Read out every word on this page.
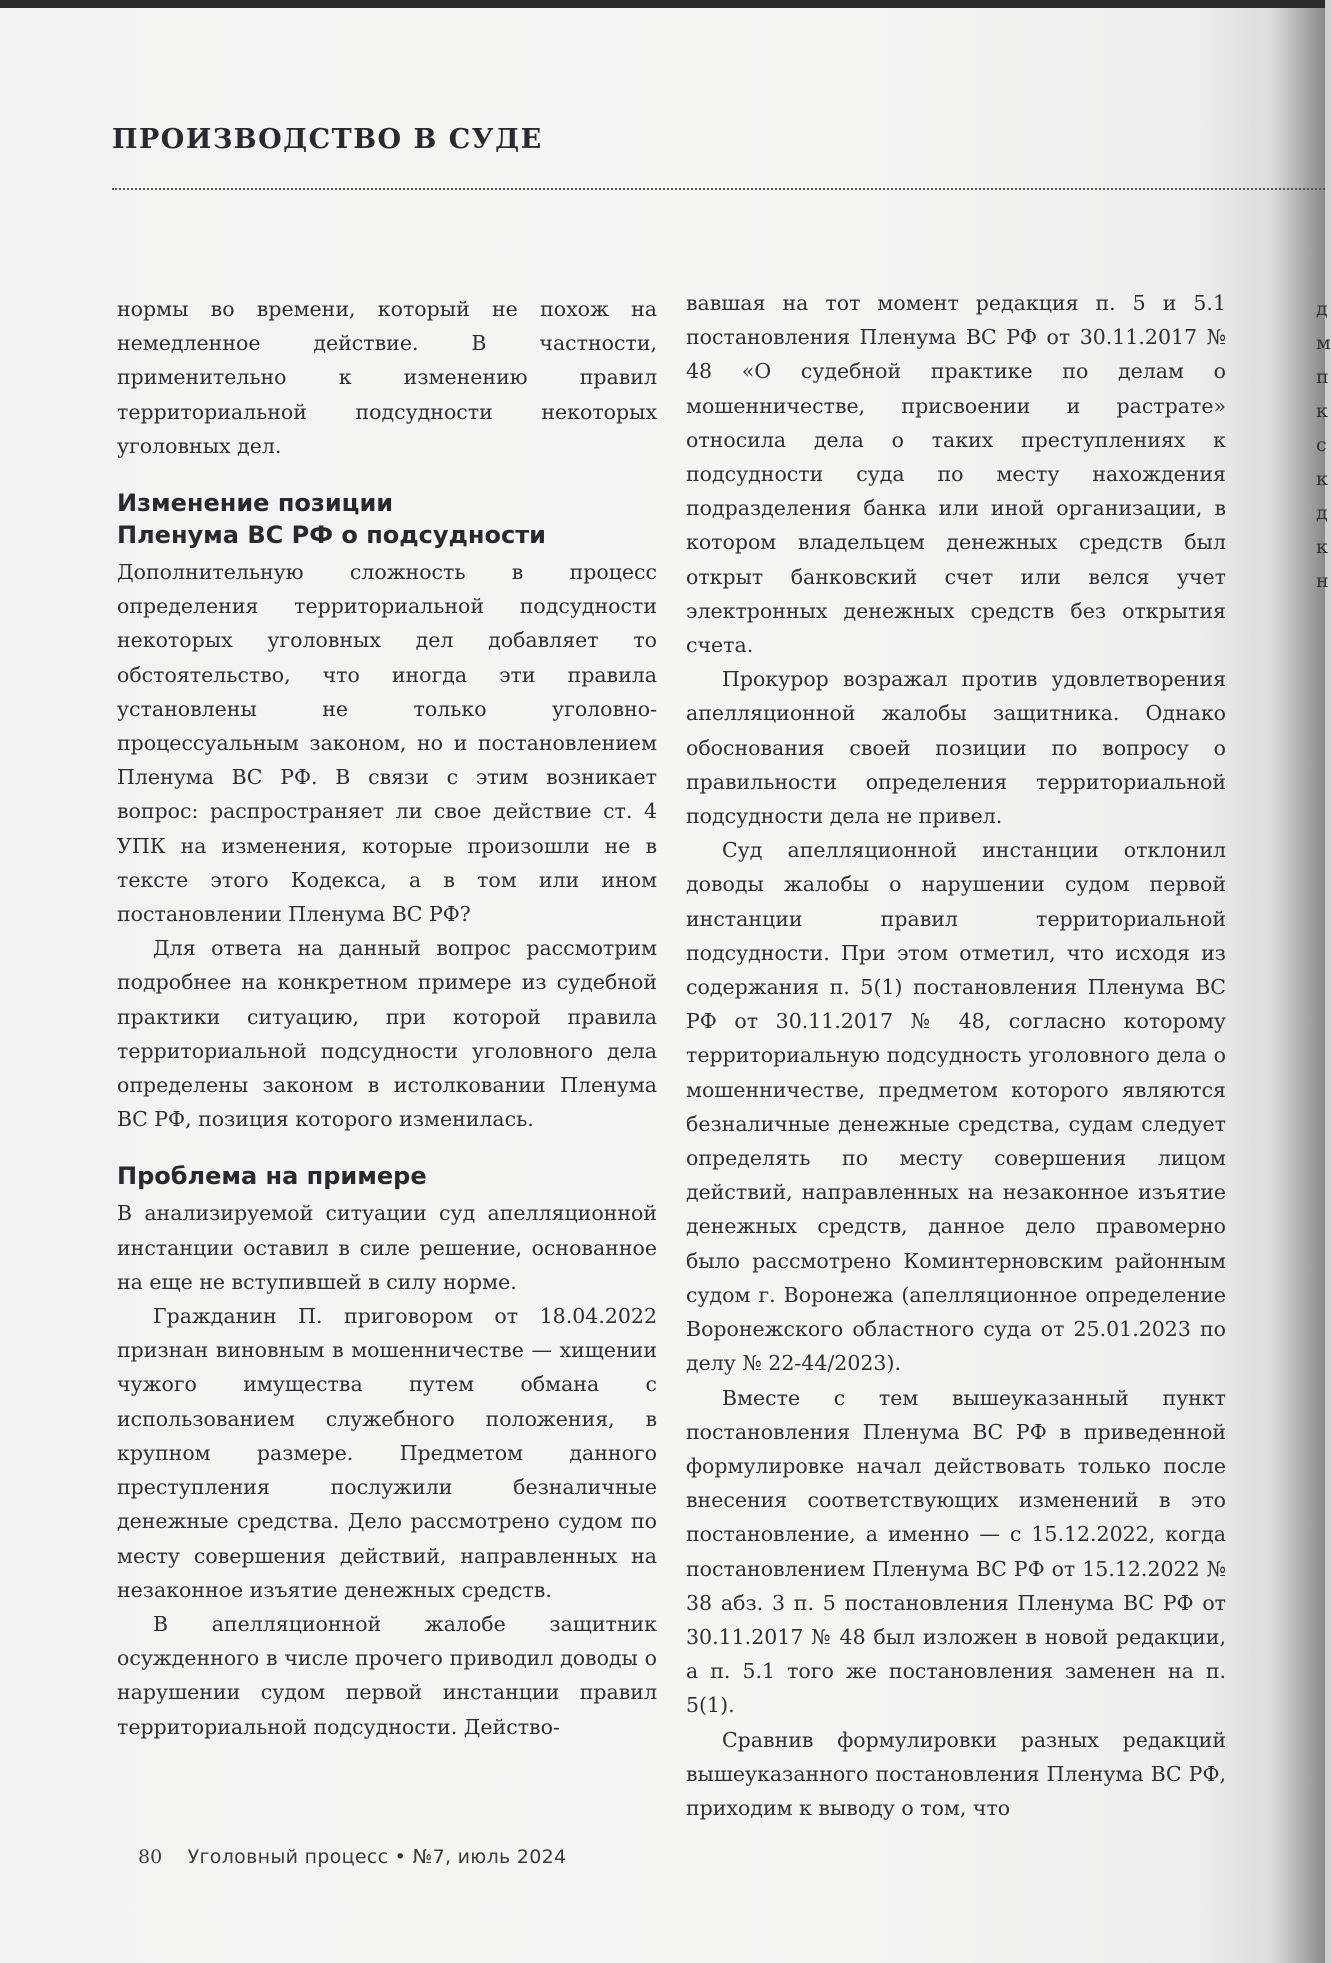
ПРОИЗВОДСТВО В СУДЕ

нормы во времени, который не похож на немедленное действие. В частности, применительно к изменению правил территориальной подсудности некоторых уголовных дел.

Изменение позиции
Пленума ВС РФ о подсудности

Дополнительную сложность в процесс определения территориальной подсудности некоторых уголовных дел добавляет то обстоятельство, что иногда эти правила установлены не только уголовно-процессуальным законом, но и постановлением Пленума ВС РФ. В связи с этим возникает вопрос: распространяет ли свое действие ст. 4 УПК на изменения, которые произошли не в тексте этого Кодекса, а в том или ином постановлении Пленума ВС РФ?

Для ответа на данный вопрос рассмотрим подробнее на конкретном примере из судебной практики ситуацию, при которой правила территориальной подсудности уголовного дела определены законом в истолковании Пленума ВС РФ, позиция которого изменилась.

Проблема на примере

В анализируемой ситуации суд апелляционной инстанции оставил в силе решение, основанное на еще не вступившей в силу норме.

Гражданин П. приговором от 18.04.2022 признан виновным в мошенничестве — хищении чужого имущества путем обмана с использованием служебного положения, в крупном размере. Предметом данного преступления послужили безналичные денежные средства. Дело рассмотрено судом по месту совершения действий, направленных на незаконное изъятие денежных средств.

В апелляционной жалобе защитник осужденного в числе прочего приводил доводы о нарушении судом первой инстанции правил территориальной подсудности. Действо-

вавшая на тот момент редакция п. 5 и 5.1 постановления Пленума ВС РФ от 30.11.2017 № 48 «О судебной практике по делам о мошенничестве, присвоении и растрате» относила дела о таких преступлениях к подсудности суда по месту нахождения подразделения банка или иной организации, в котором владельцем денежных средств был открыт банковский счет или велся учет электронных денежных средств без открытия счета.

Прокурор возражал против удовлетворения апелляционной жалобы защитника. Однако обоснования своей позиции по вопросу о правильности определения территориальной подсудности дела не привел.

Суд апелляционной инстанции отклонил доводы жалобы о нарушении судом первой инстанции правил территориальной подсудности. При этом отметил, что исходя из содержания п. 5(1) постановления Пленума ВС РФ от 30.11.2017 № 48, согласно которому территориальную подсудность уголовного дела о мошенничестве, предметом которого являются безналичные денежные средства, судам следует определять по месту совершения лицом действий, направленных на незаконное изъятие денежных средств, данное дело правомерно было рассмотрено Коминтерновским районным судом г. Воронежа (апелляционное определение Воронежского областного суда от 25.01.2023 по делу № 22-44/2023).

Вместе с тем вышеуказанный пункт постановления Пленума ВС РФ в приведенной формулировке начал действовать только после внесения соответствующих изменений в это постановление, а именно — с 15.12.2022, когда постановлением Пленума ВС РФ от 15.12.2022 № 38 абз. 3 п. 5 постановления Пленума ВС РФ от 30.11.2017 № 48 был изложен в новой редакции, а п. 5.1 того же постановления заменен на п. 5(1).

Сравнив формулировки разных редакций вышеуказанного постановления Пленума ВС РФ, приходим к выводу о том, что

д
м
п
к
с
к
д
к
н
80 Уголовный процесс • №7, июль 2024
